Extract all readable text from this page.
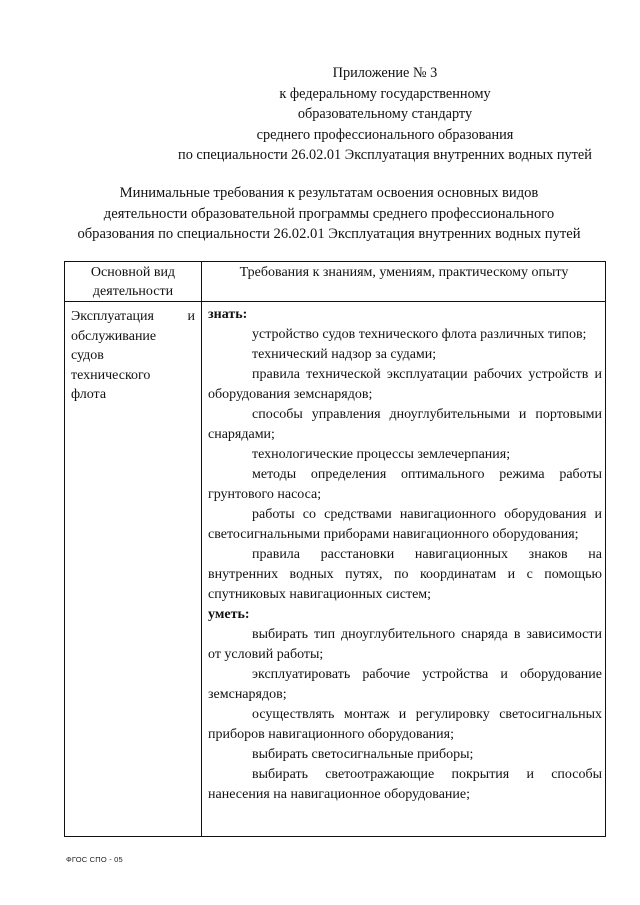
Приложение № 3
к федеральному государственному
образовательному стандарту
среднего профессионального образования
по специальности 26.02.01 Эксплуатация внутренних водных путей
Минимальные требования к результатам освоения основных видов
деятельности образовательной программы среднего профессионального
образования по специальности 26.02.01 Эксплуатация внутренних водных путей
Основной вид
деятельности
Требования к знаниям, умениям, практическому опыту
Эксплуатация и
обслуживание
судов
технического
флота
знать:

устройство судов технического флота различных типов;

технический надзор за судами;

правила технической эксплуатации рабочих устройств и оборудования земснарядов;

способы управления дноуглубительными и портовыми снарядами;

технологические процессы землечерпания;

методы определения оптимального режима работы грунтового насоса;

работы со средствами навигационного оборудования и светосигнальными приборами навигационного оборудования;

правила расстановки навигационных знаков на внутренних водных путях, по координатам и с помощью спутниковых навигационных систем;

уметь:

выбирать тип дноуглубительного снаряда в зависимости от условий работы;

эксплуатировать рабочие устройства и оборудование земснарядов;

осуществлять монтаж и регулировку светосигнальных приборов навигационного оборудования;

выбирать светосигнальные приборы;

выбирать светоотражающие покрытия и способы нанесения на навигационное оборудование;

ФГОС СПО - 05
